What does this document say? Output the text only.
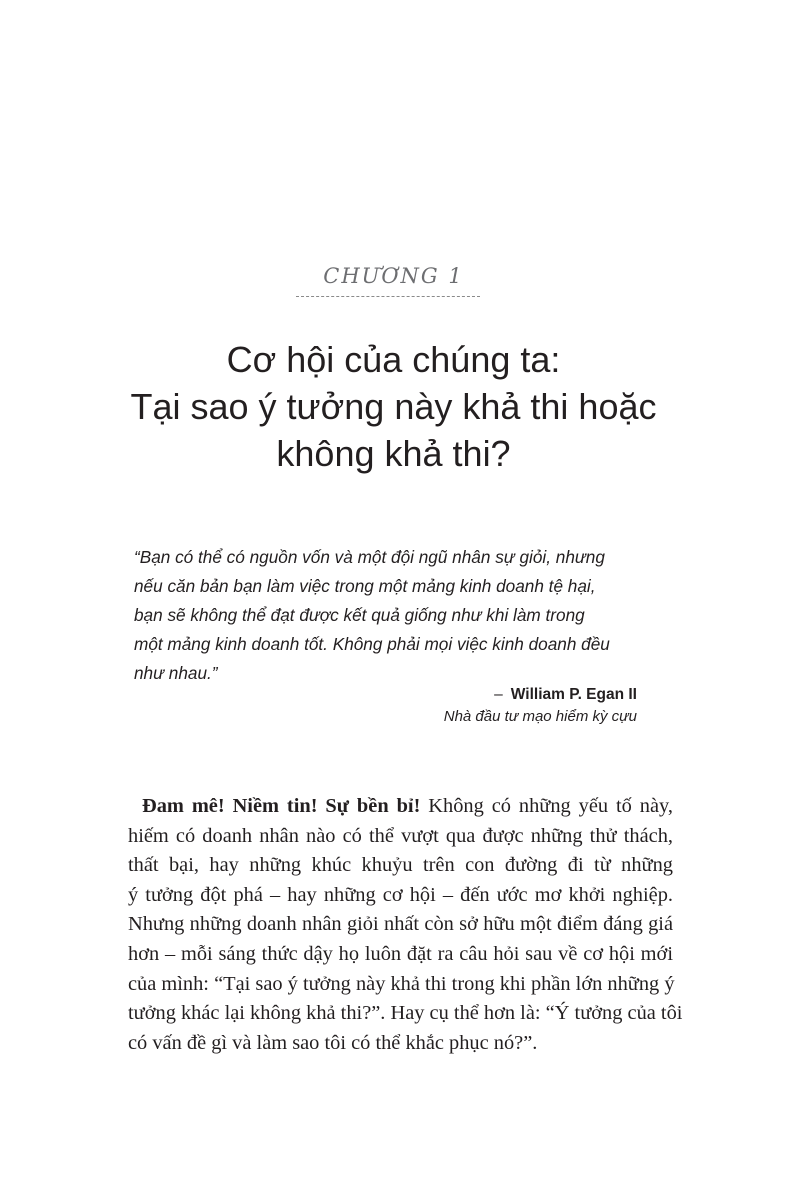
CHƯƠNG 1
Cơ hội của chúng ta:
Tại sao ý tưởng này khả thi hoặc
không khả thi?
“Bạn có thể có nguồn vốn và một đội ngũ nhân sự giỏi, nhưng
nếu căn bản bạn làm việc trong một mảng kinh doanh tệ hại,
bạn sẽ không thể đạt được kết quả giống như khi làm trong
một mảng kinh doanh tốt. Không phải mọi việc kinh doanh đều
như nhau.”
– William P. Egan II
Nhà đầu tư mạo hiểm kỳ cựu
Đam mê! Niềm tin! Sự bền bỉ! Không có những yếu tố này,
hiếm có doanh nhân nào có thể vượt qua được những thử thách,
thất bại, hay những khúc khuỷu trên con đường đi từ những
ý tưởng đột phá – hay những cơ hội – đến ước mơ khởi nghiệp.
Nhưng những doanh nhân giỏi nhất còn sở hữu một điểm đáng giá
hơn – mỗi sáng thức dậy họ luôn đặt ra câu hỏi sau về cơ hội mới
của mình: “Tại sao ý tưởng này khả thi trong khi phần lớn những ý
tưởng khác lại không khả thi?”. Hay cụ thể hơn là: “Ý tưởng của tôi
có vấn đề gì và làm sao tôi có thể khắc phục nó?”.
